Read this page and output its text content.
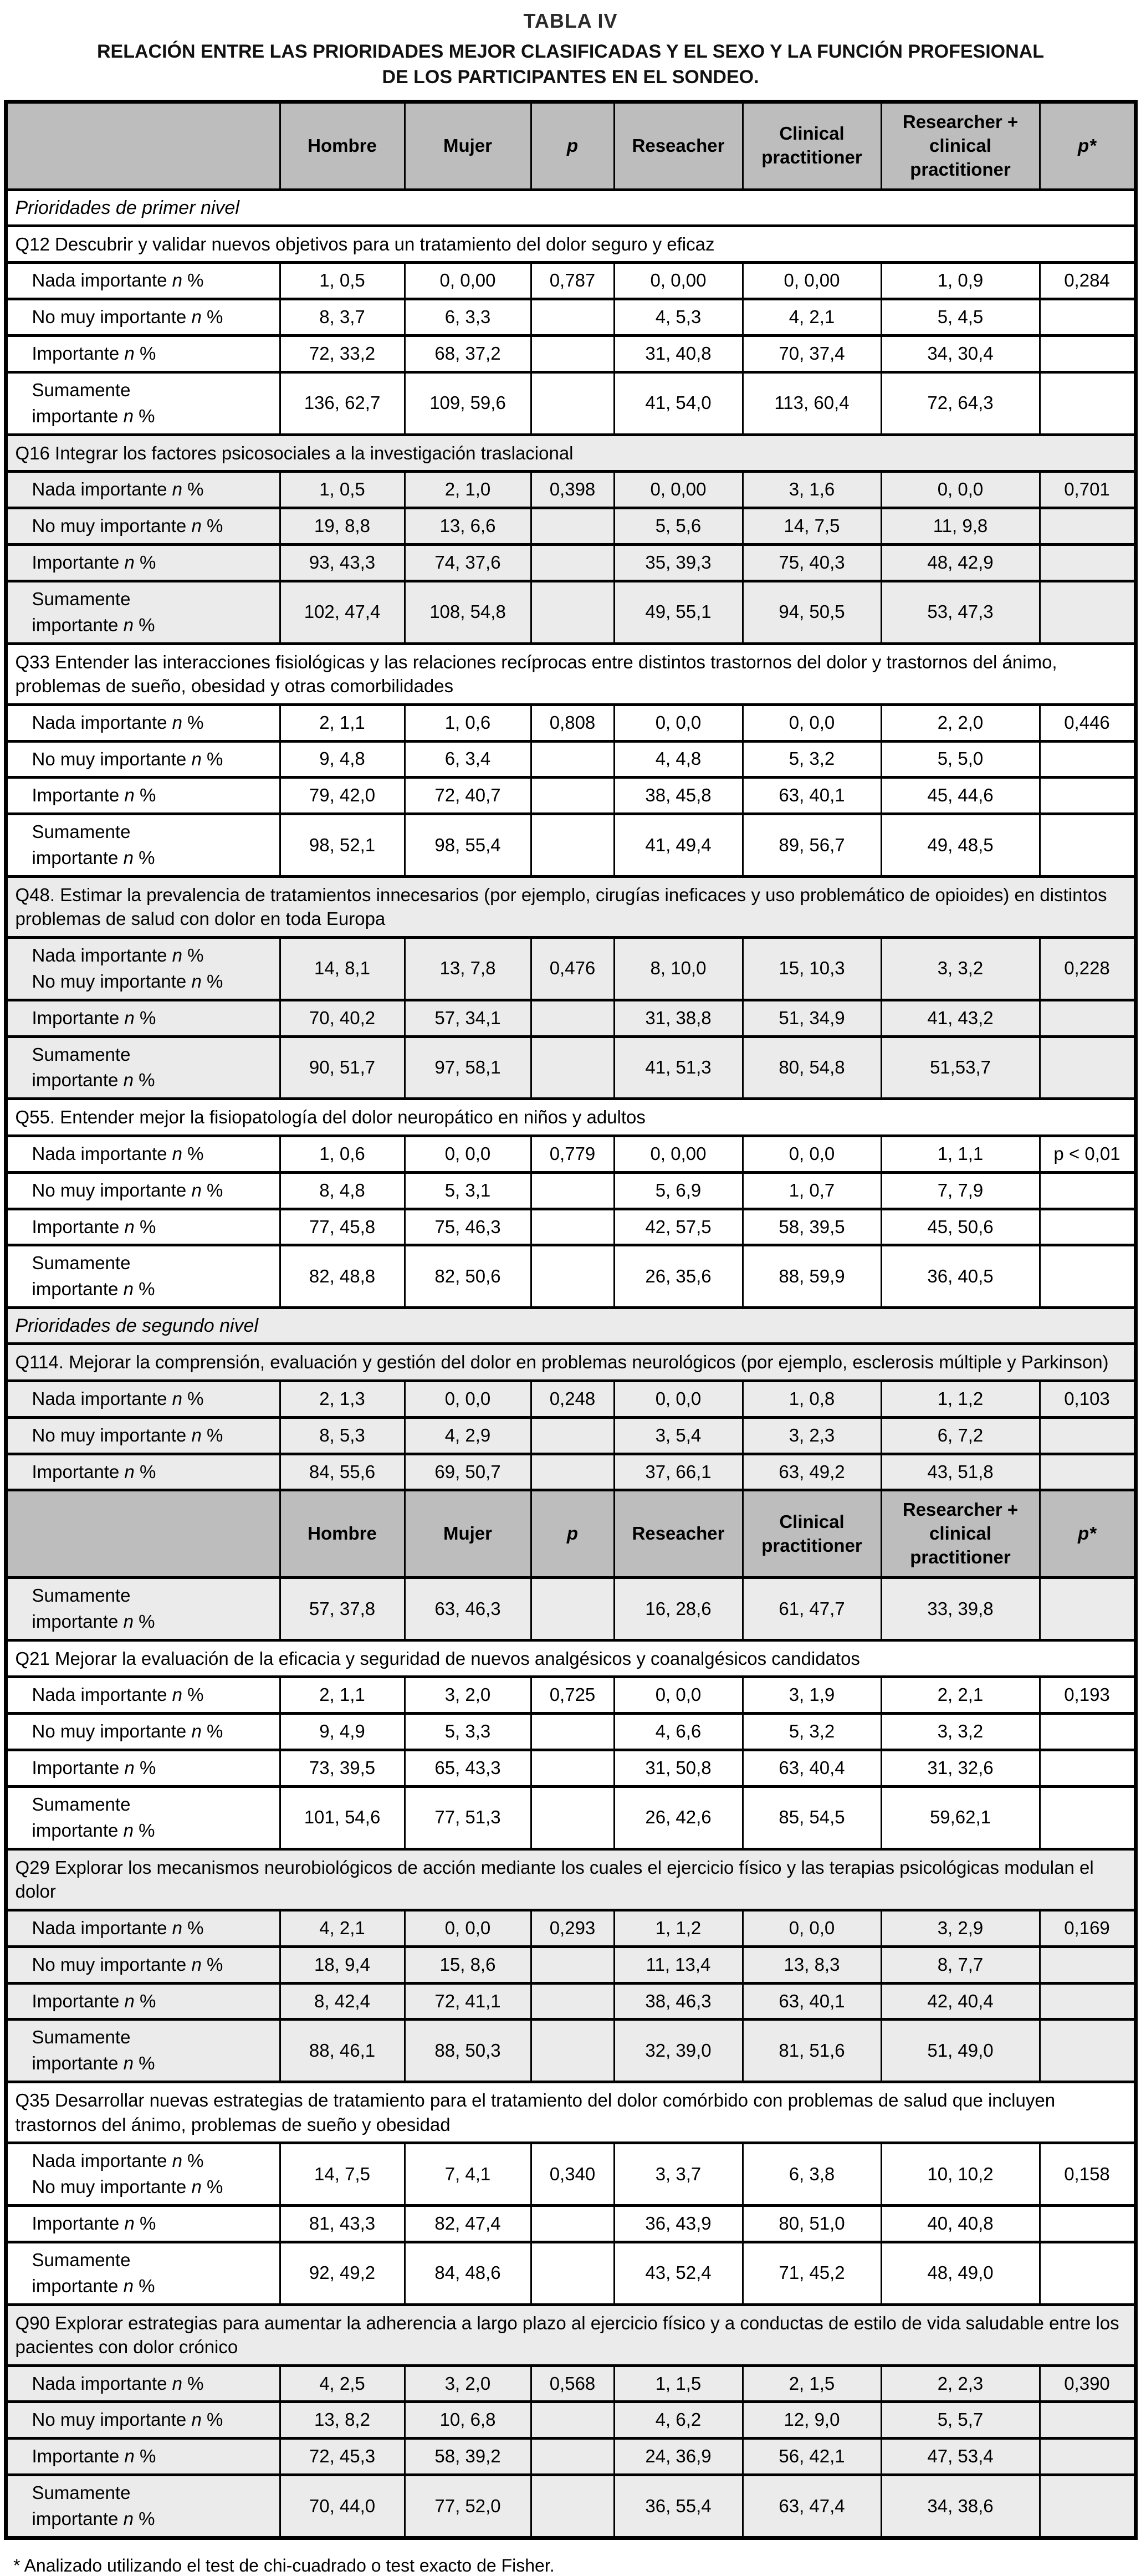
TABLA IV
RELACIÓN ENTRE LAS PRIORIDADES MEJOR CLASIFICADAS Y EL SEXO Y LA FUNCIÓN PROFESIONAL
DE LOS PARTICIPANTES EN EL SONDEO.
	Hombre	Mujer	p	Reseacher	Clinical practitioner	Researcher + clinical practitioner	p*
Prioridades de primer nivel							
Q12 Descubrir y validar nuevos objetivos para un tratamiento del dolor seguro y eficaz							
Nada importante n %	1, 0,5	0, 0,00	0,787	0, 0,00	0, 0,00	1, 0,9	0,284
No muy importante n %	8, 3,7	6, 3,3		4, 5,3	4, 2,1	5, 4,5	
Importante n %	72, 33,2	68, 37,2		31, 40,8	70, 37,4	34, 30,4	
Sumamente
importante n %	136, 62,7	109, 59,6		41, 54,0	113, 60,4	72, 64,3	
Q16 Integrar los factores psicosociales a la investigación traslacional							
Nada importante n %	1, 0,5	2, 1,0	0,398	0, 0,00	3, 1,6	0, 0,0	0,701
No muy importante n %	19, 8,8	13, 6,6		5, 5,6	14, 7,5	11, 9,8	
Importante n %	93, 43,3	74, 37,6		35, 39,3	75, 40,3	48, 42,9	
Sumamente
importante n %	102, 47,4	108, 54,8		49, 55,1	94, 50,5	53, 47,3	
Q33 Entender las interacciones fisiológicas y las relaciones recíprocas entre distintos trastornos del dolor y trastornos del ánimo, problemas de sueño, obesidad y otras comorbilidades							
Nada importante n %	2, 1,1	1, 0,6	0,808	0, 0,0	0, 0,0	2, 2,0	0,446
No muy importante n %	9, 4,8	6, 3,4		4, 4,8	5, 3,2	5, 5,0	
Importante n %	79, 42,0	72, 40,7		38, 45,8	63, 40,1	45, 44,6	
Sumamente
importante n %	98, 52,1	98, 55,4		41, 49,4	89, 56,7	49, 48,5	
Q48. Estimar la prevalencia de tratamientos innecesarios (por ejemplo, cirugías ineficaces y uso problemático de opioides) en distintos problemas de salud con dolor en toda Europa							
Nada importante n %
No muy importante n %	14, 8,1	13, 7,8	0,476	8, 10,0	15, 10,3	3, 3,2	0,228
Importante n %	70, 40,2	57, 34,1		31, 38,8	51, 34,9	41, 43,2	
Sumamente
importante n %	90, 51,7	97, 58,1		41, 51,3	80, 54,8	51,53,7	
Q55. Entender mejor la fisiopatología del dolor neuropático en niños y adultos							
Nada importante n %	1, 0,6	0, 0,0	0,779	0, 0,00	0, 0,0	1, 1,1	p < 0,01
No muy importante n %	8, 4,8	5, 3,1		5, 6,9	1, 0,7	7, 7,9	
Importante n %	77, 45,8	75, 46,3		42, 57,5	58, 39,5	45, 50,6	
Sumamente
importante n %	82, 48,8	82, 50,6		26, 35,6	88, 59,9	36, 40,5	
Prioridades de segundo nivel							
Q114. Mejorar la comprensión, evaluación y gestión del dolor en problemas neurológicos (por ejemplo, esclerosis múltiple y Parkinson)							
Nada importante n %	2, 1,3	0, 0,0	0,248	0, 0,0	1, 0,8	1, 1,2	0,103
No muy importante n %	8, 5,3	4, 2,9		3, 5,4	3, 2,3	6, 7,2	
Importante n %	84, 55,6	69, 50,7		37, 66,1	63, 49,2	43, 51,8	
	Hombre	Mujer	p	Reseacher	Clinical practitioner	Researcher + clinical practitioner	p*
Sumamente
importante n %	57, 37,8	63, 46,3		16, 28,6	61, 47,7	33, 39,8	
Q21 Mejorar la evaluación de la eficacia y seguridad de nuevos analgésicos y coanalgésicos candidatos							
Nada importante n %	2, 1,1	3, 2,0	0,725	0, 0,0	3, 1,9	2, 2,1	0,193
No muy importante n %	9, 4,9	5, 3,3		4, 6,6	5, 3,2	3, 3,2	
Importante n %	73, 39,5	65, 43,3		31, 50,8	63, 40,4	31, 32,6	
Sumamente
importante n %	101, 54,6	77, 51,3		26, 42,6	85, 54,5	59,62,1	
Q29 Explorar los mecanismos neurobiológicos de acción mediante los cuales el ejercicio físico y las terapias psicológicas modulan el dolor							
Nada importante n %	4, 2,1	0, 0,0	0,293	1, 1,2	0, 0,0	3, 2,9	0,169
No muy importante n %	18, 9,4	15, 8,6		11, 13,4	13, 8,3	8, 7,7	
Importante n %	8, 42,4	72, 41,1		38, 46,3	63, 40,1	42, 40,4	
Sumamente
importante n %	88, 46,1	88, 50,3		32, 39,0	81, 51,6	51, 49,0	
Q35 Desarrollar nuevas estrategias de tratamiento para el tratamiento del dolor comórbido con problemas de salud que incluyen trastornos del ánimo, problemas de sueño y obesidad							
Nada importante n %
No muy importante n %	14, 7,5	7, 4,1	0,340	3, 3,7	6, 3,8	10, 10,2	0,158
Importante n %	81, 43,3	82, 47,4		36, 43,9	80, 51,0	40, 40,8	
Sumamente
importante n %	92, 49,2	84, 48,6		43, 52,4	71, 45,2	48, 49,0	
Q90 Explorar estrategias para aumentar la adherencia a largo plazo al ejercicio físico y a conductas de estilo de vida saludable entre los pacientes con dolor crónico							
Nada importante n %	4, 2,5	3, 2,0	0,568	1, 1,5	2, 1,5	2, 2,3	0,390
No muy importante n %	13, 8,2	10, 6,8		4, 6,2	12, 9,0	5, 5,7	
Importante n %	72, 45,3	58, 39,2		24, 36,9	56, 42,1	47, 53,4	
Sumamente
importante n %	70, 44,0	77, 52,0		36, 55,4	63, 47,4	34, 38,6	
* Analizado utilizando el test de chi-cuadrado o test exacto de Fisher.
